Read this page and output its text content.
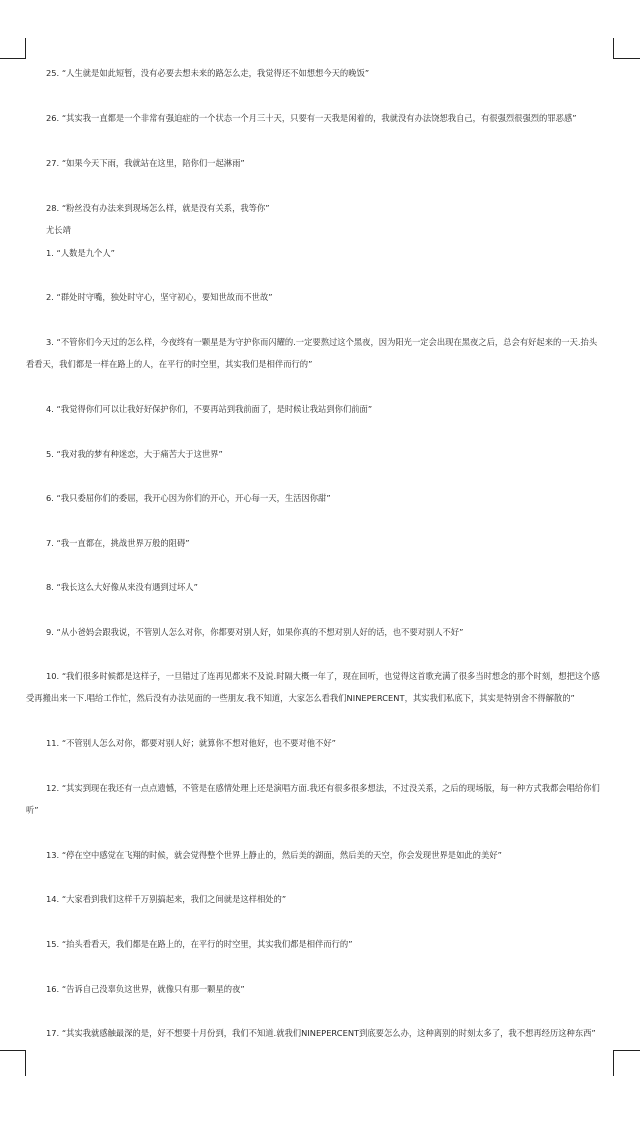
25. “人生就是如此短暂，没有必要去想未来的路怎么走，我觉得还不如想想今天的晚饭”
26. “其实我一直都是一个非常有强迫症的一个状态一个月三十天，只要有一天我是闲着的，我就没有办法饶恕我自己，有很强烈很强烈的罪恶感”
27. “如果今天下雨，我就站在这里，陪你们一起淋雨”
28. “粉丝没有办法来到现场怎么样，就是没有关系，我等你”
尤长靖
1. “人数是九个人”
2. “群处时守嘴，独处时守心，坚守初心，要知世故而不世故”
3. “不管你们今天过的怎么样，今夜终有一颗星是为守护你而闪耀的.一定要熬过这个黑夜，因为阳光一定会出现在黑夜之后，总会有好起来的一天.抬头
看看天，我们都是一样在路上的人，在平行的时空里，其实我们是相伴而行的”
4. “我觉得你们可以让我好好保护你们，不要再站到我前面了，是时候让我站到你们前面”
5. “我对我的梦有种迷恋，大于痛苦大于这世界”
6. “我只委屈你们的委屈，我开心因为你们的开心，开心每一天，生活因你甜”
7. “我一直都在，挑战世界万般的阻碍”
8. “我长这么大好像从来没有遇到过坏人”
9. “从小爸妈会跟我说，不管别人怎么对你，你都要对别人好，如果你真的不想对别人好的话，也不要对别人不好”
10. “我们很多时候都是这样子，一旦错过了连再见都来不及说.时隔大概一年了，现在回听，也觉得这首歌充满了很多当时想念的那个时刻，想把这个感
受再搬出来一下.唱给工作忙，然后没有办法见面的一些朋友.我不知道，大家怎么看我们NINEPERCENT，其实我们私底下，其实是特别舍不得解散的”
11. “不管别人怎么对你，都要对别人好；就算你不想对他好，也不要对他不好”
12. “其实到现在我还有一点点遗憾，不管是在感情处理上还是演唱方面.我还有很多很多想法，不过没关系，之后的现场版，每一种方式我都会唱给你们
听”
13. “停在空中感觉在飞翔的时候，就会觉得整个世界上静止的，然后美的湖面，然后美的天空，你会发现世界是如此的美好”
14. “大家看到我们这样千万别搞起来，我们之间就是这样相处的”
15. “抬头看看天，我们都是在路上的，在平行的时空里，其实我们都是相伴而行的”
16. “告诉自己没辜负这世界，就像只有那一颗星的夜”
17. “其实我就感触最深的是，好不想要十月份到，我们不知道.就我们NINEPERCENT到底要怎么办，这种离别的时刻太多了，我不想再经历这种东西”
